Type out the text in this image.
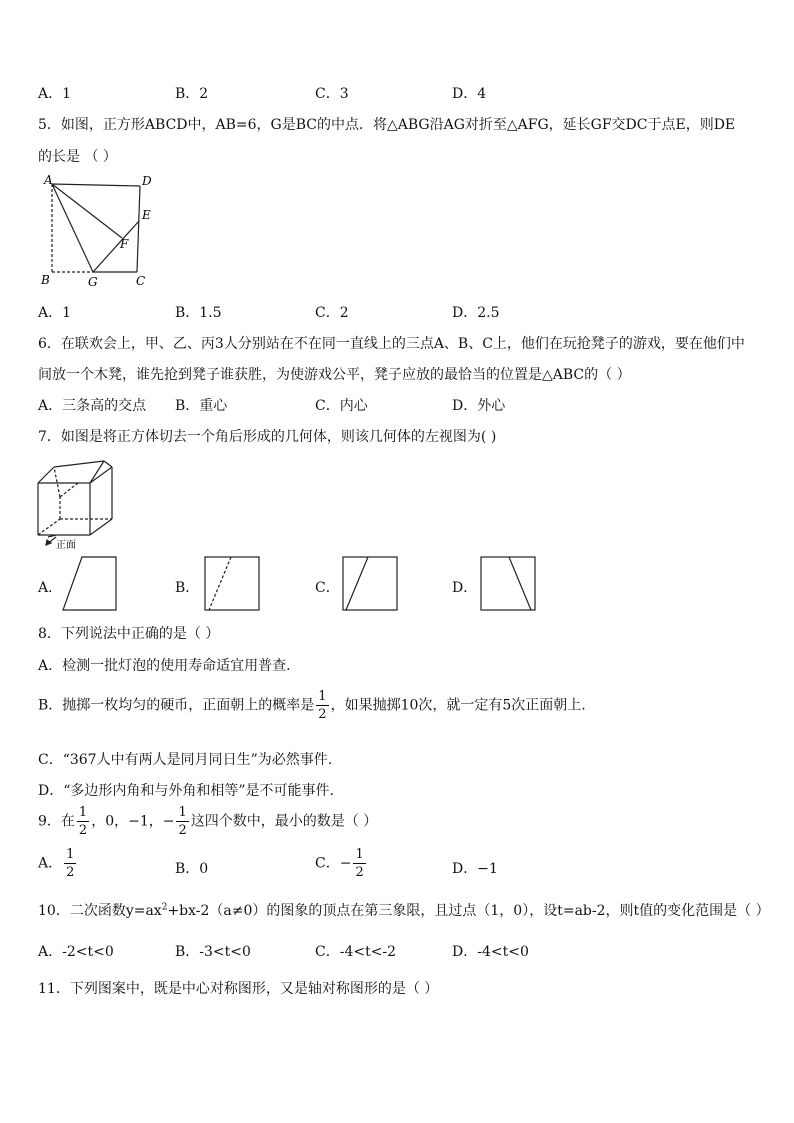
A．1	B．2	C．3	D．4
5．如图，正方形ABCD中，AB=6，G是BC的中点．将△ABG沿AG对折至△AFG，延长GF交DC于点E，则DE
的长是 （ ）
A	D
E
F
B	G	C
A．1	B．1.5	C．2	D．2.5
6．在联欢会上，甲、乙、丙3人分别站在不在同一直线上的三点A、B、C上，他们在玩抢凳子的游戏，要在他们中
间放一个木凳，谁先抢到凳子谁获胜，为使游戏公平，凳子应放的最恰当的位置是△ABC的（ ）
A．三条高的交点 B．重心	C．内心	D．外心
7．如图是将正方体切去一个角后形成的几何体，则该几何体的左视图为( )
正面
A．	B．	C．	D．
8．下列说法中正确的是（ ）
A．检测一批灯泡的使用寿命适宜用普查.
B．抛掷一枚均匀的硬币，正面朝上的概率是 $\frac{1}{2}$ ，如果抛掷10次，就一定有5次正面朝上.
C．“367人中有两人是同月同日生”为必然事件.
D．“多边形内角和与外角和相等”是不可能事件.
9．在 $\frac{1}{2}$ ，0，−1，− $\frac{1}{2}$ 这四个数中，最小的数是（ ）
A． $\frac{1}{2}$	B．0	C．− $\frac{1}{2}$	D．−1
10．二次函数$y=ax^2+bx-2(a\ne 0)$的图象的顶点在第三象限，且过点（1，0），设t=ab-2，则t值的变化范围是（ ）
A．-2<t<0	B．-3<t<0	C．-4<t<-2	D．-4<t<0
11．下列图案中，既是中心对称图形，又是轴对称图形的是（ ）
